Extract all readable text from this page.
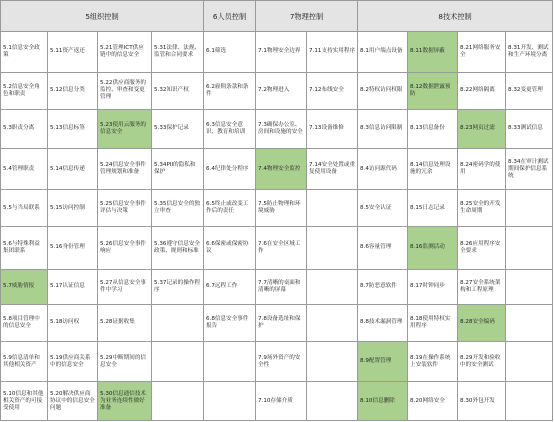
5组织控制				6人员控制	7物理控制		8技术控制			
5.1信息安全政策	5.11资产返还	5.21管理ICT供应链中的信息安全	5.31法律、法规、监管和合同要求	6.1筛选	7.1物理安全边界	7.11支持实用程序	8.1用户端点设备	8.11数据屏蔽	8.21网络服务安全	8.31开发、测试和生产环境分离
5.2信息安全角色和职责	5.12信息分类	5.22供应商服务的监控、审查和变更管理	5.32知识产权	6.2雇佣条款和条件	7.2物理进入	7.12布线安全	8.2特权访问权限	8.12数据泄露预防	8.22网络隔离	8.32变更管理
5.3职责分离	5.13信息标签	5.23使用云服务的信息安全	5.33保护记录	6.3信息安全意识、教育和培训	7.3确保办公室、房间和设施的安全	7.13设备维修	8.3信息访问限制	8.13信息备份	8.23网页过滤	8.33测试信息
5.4管理职责	5.14信息传递	5.24信息安全事件管理规划和准备	5.34PII的隐私和保护	6.4纪律处分程序	7.4物理安全监控	7.14安全处置或重复使用设备	8.4访问源代码	8.14信息处理设施的冗余	8.24密码学的使用	8.34在审计测试期间保护信息系统
5.5与当局联系	5.15访问控制	5.25信息安全事件评估与决策	5.35信息安全的独立审查	6.5终止或改变工作后的责任	7.5防止物理和环境威胁		8.5安全认证	8.15日志记录	8.25安全的开发生命周期	
5.6与特殊利益集团联系	5.16身份管理	5.26信息安全事件响应	5.36遵守信息安全政策、规则和标准	6.6保密或保密协议	7.6在安全区域工作		8.6容量管理	8.16监测活动	8.26应用程序安全要求	
5.7威胁情报	5.17认证信息	5.27从信息安全事件中学习	5.37记录的操作程序	6.7远程工作	7.7清晰的桌面和清晰的屏幕		8.7防恶意软件	8.17时钟同步	8.27安全系统架构和工程原理	
5.8项目管理中的信息安全	5.18访问权	5.28证据收集		6.8信息安全事件报告	7.8设备选址和保护		8.8技术漏洞管理	8.18使用特权实用程序	8.28安全编码	
5.9信息清单和其他相关资产	5.19供应商关系中的信息安全	5.29中断期间的信息安全			7.9场外资产的安全性		8.9配置管理	8.19在操作系统上安装软件	8.29开发和验收中的安全测试	
5.10信息和其他相关资产的可接受使用	5.20解决供应商协议中的信息安全问题	5.30信息通信技术为业务连续性做好准备			7.10存储介质		8.10信息删除	8.20网络安全	8.30外包开发	
